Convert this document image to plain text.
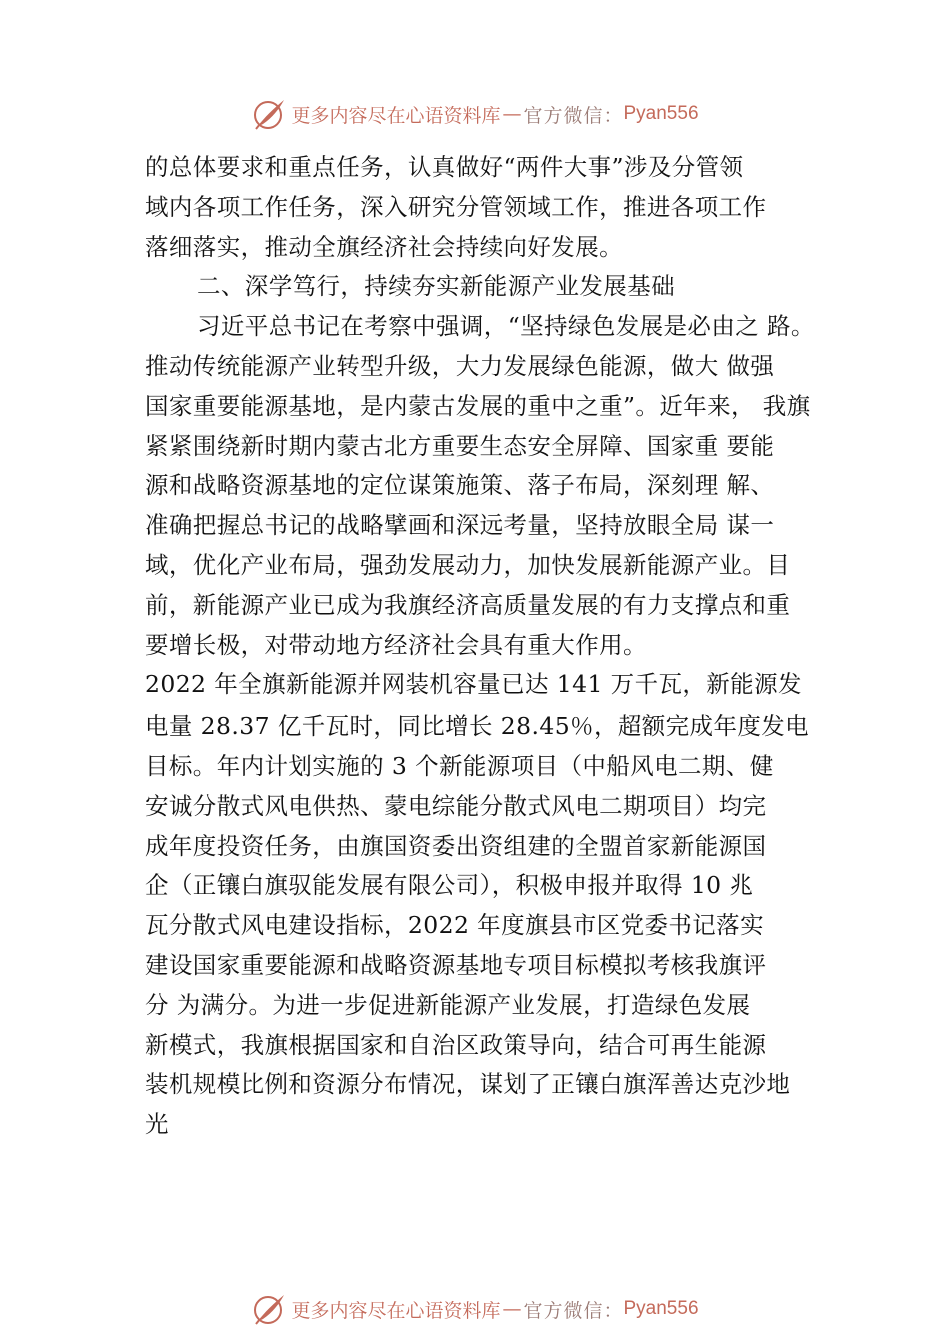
更多内容尽在心语资料库 — 官方微信： Pyan556
的总体要求和重点任务，认真做好“两件大事”涉及分管领
域内各项工作任务，深入研究分管领域工作，推进各项工作
落细落实，推动全旗经济社会持续向好发展。
二、深学笃行，持续夯实新能源产业发展基础
习近平总书记在考察中强调，“坚持绿色发展是必由之 路。
推动传统能源产业转型升级，大力发展绿色能源，做大 做强
国家重要能源基地，是内蒙古发展的重中之重”。近年来， 我旗
紧紧围绕新时期内蒙古北方重要生态安全屏障、国家重 要能
源和战略资源基地的定位谋策施策、落子布局，深刻理 解、
准确把握总书记的战略擘画和深远考量，坚持放眼全局 谋一
域，优化产业布局，强劲发展动力，加快发展新能源产业。目
前，新能源产业已成为我旗经济高质量发展的有力支撑点和重
要增长极，对带动地方经济社会具有重大作用。
2022 年全旗新能源并网装机容量已达 141 万千瓦，新能源发
电量 28.37 亿千瓦时，同比增长 28.45％，超额完成年度发电
目标。年内计划实施的 3 个新能源项目（中船风电二期、健
安诚分散式风电供热、蒙电综能分散式风电二期项目）均完
成年度投资任务，由旗国资委出资组建的全盟首家新能源国
企（正镶白旗驭能发展有限公司），积极申报并取得 10 兆
瓦分散式风电建设指标，2022 年度旗县市区党委书记落实
建设国家重要能源和战略资源基地专项目标模拟考核我旗评
分 为满分。为进一步促进新能源产业发展，打造绿色发展
新模式，我旗根据国家和自治区政策导向，结合可再生能源
装机规模比例和资源分布情况，谋划了正镶白旗浑善达克沙地
光
更多内容尽在心语资料库 — 官方微信： Pyan556
